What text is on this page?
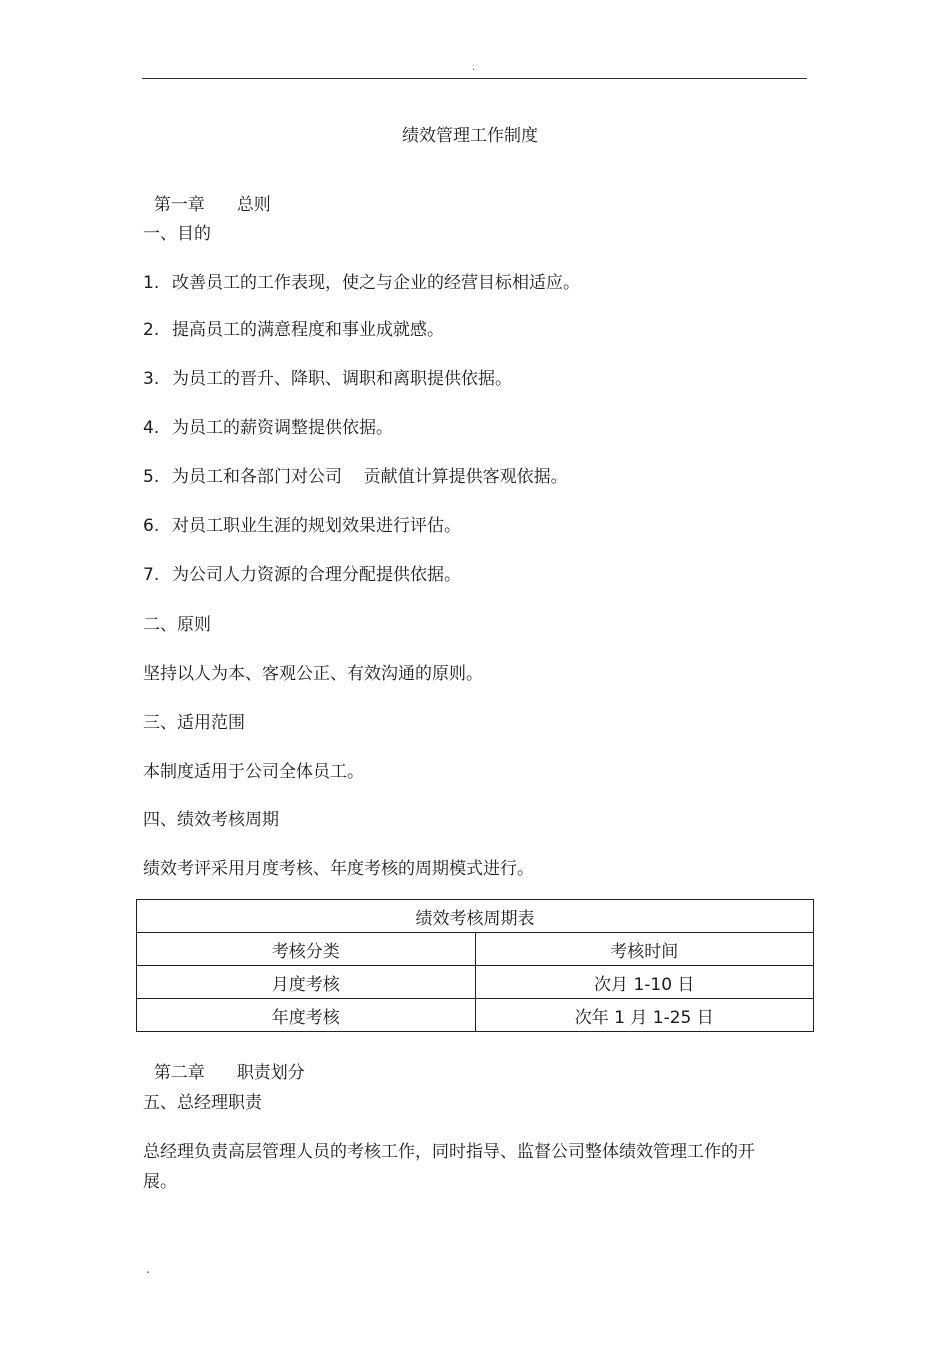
.
绩效管理工作制度

第一章 总则

一、目的
1. 改善员工的工作表现，使之与企业的经营目标相适应。
2. 提高员工的满意程度和事业成就感。
3. 为员工的晋升、降职、调职和离职提供依据。
4. 为员工的薪资调整提供依据。
5. 为员工和各部门对公司    贡献值计算提供客观依据。
6. 对员工职业生涯的规划效果进行评估。
7. 为公司人力资源的合理分配提供依据。
二、原则
坚持以人为本、客观公正、有效沟通的原则。
三、适用范围
本制度适用于公司全体员工。
四、绩效考核周期
绩效考评采用月度考核、年度考核的周期模式进行。
绩效考核周期表	
考核分类	考核时间
月度考核	次月 1-10 日
年度考核	次年 1 月 1-25 日

第二章 职责划分

五、总经理职责
总经理负责高层管理人员的考核工作，同时指导、监督公司整体绩效管理工作的开展。
.
